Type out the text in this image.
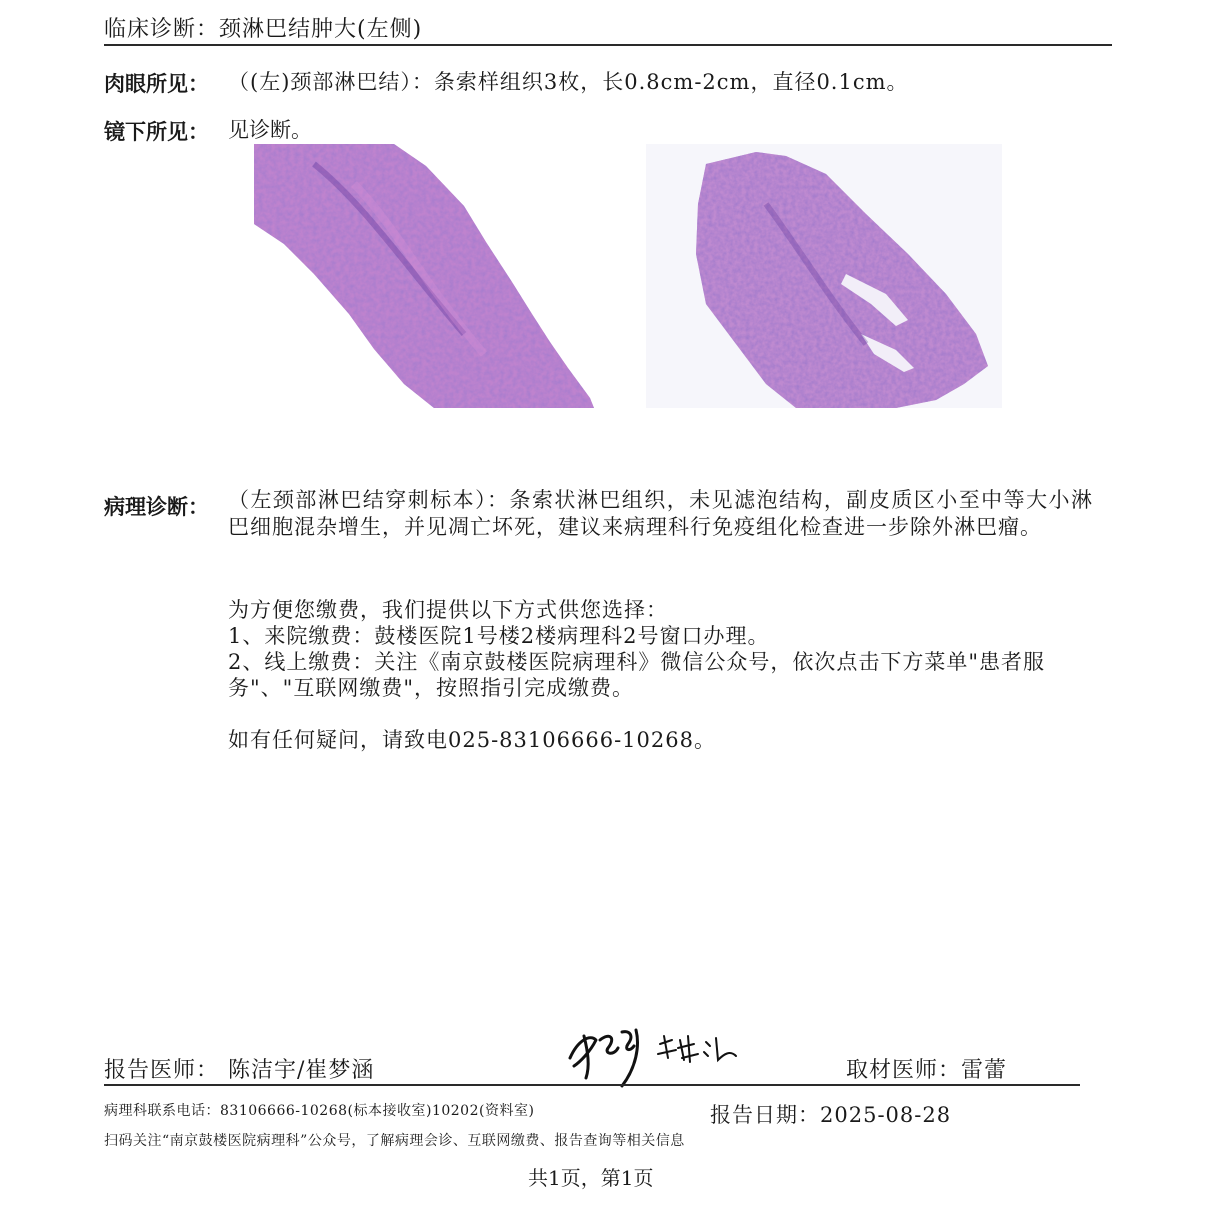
临床诊断：颈淋巴结肿大(左侧)
肉眼所见： （(左)颈部淋巴结）：条索样组织3枚，长0.8cm-2cm，直径0.1cm。
镜下所见： 见诊断。
病理诊断： （左颈部淋巴结穿刺标本）：条索状淋巴组织，未见滤泡结构，副皮质区小至中等大小淋巴细胞混杂增生，并见凋亡坏死，建议来病理科行免疫组化检查进一步除外淋巴瘤。
为方便您缴费，我们提供以下方式供您选择：
1、来院缴费：鼓楼医院1号楼2楼病理科2号窗口办理。
2、线上缴费：关注《南京鼓楼医院病理科》微信公众号，依次点击下方菜单"患者服务"、"互联网缴费"，按照指引完成缴费。
如有任何疑问，请致电025-83106666-10268。
报告医师： 陈洁宇/崔梦涵	取材医师：雷蕾
病理科联系电话：83106666-10268(标本接收室)10202(资料室)	报告日期：2025-08-28
扫码关注“南京鼓楼医院病理科”公众号，了解病理会诊、互联网缴费、报告查询等相关信息
共1页，第1页
